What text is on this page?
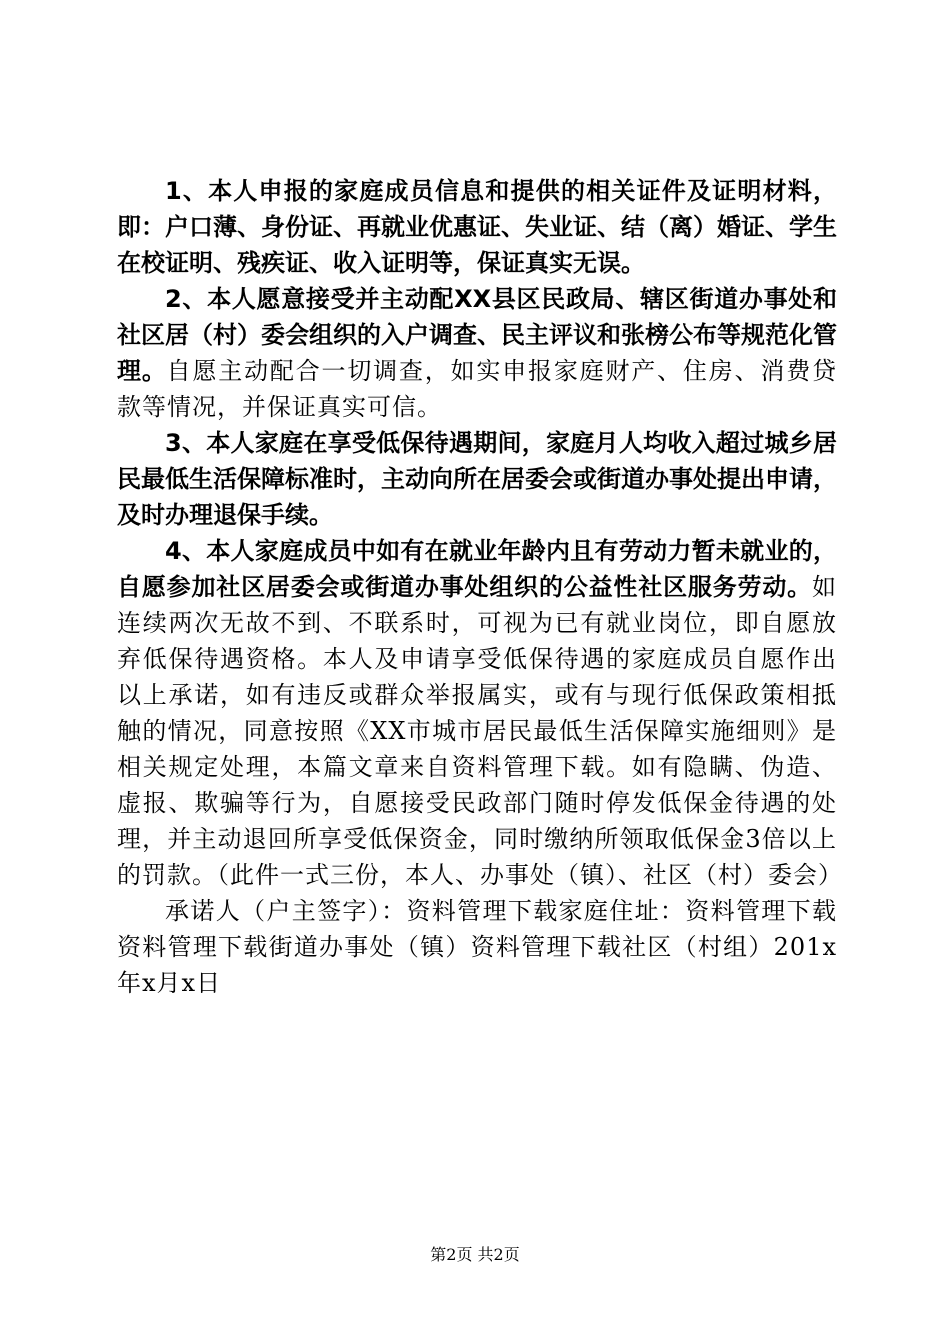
1、本人申报的家庭成员信息和提供的相关证件及证明材料，即：户口薄、身份证、再就业优惠证、失业证、结（离）婚证、学生在校证明、残疾证、收入证明等，保证真实无误。

2、本人愿意接受并主动配XX县区民政局、辖区街道办事处和社区居（村）委会组织的入户调查、民主评议和张榜公布等规范化管理。自愿主动配合一切调查，如实申报家庭财产、住房、消费贷款等情况，并保证真实可信。

3、本人家庭在享受低保待遇期间，家庭月人均收入超过城乡居民最低生活保障标准时，主动向所在居委会或街道办事处提出申请，及时办理退保手续。

4、本人家庭成员中如有在就业年龄内且有劳动力暂未就业的，自愿参加社区居委会或街道办事处组织的公益性社区服务劳动。如连续两次无故不到、不联系时，可视为已有就业岗位，即自愿放弃低保待遇资格。本人及申请享受低保待遇的家庭成员自愿作出以上承诺，如有违反或群众举报属实，或有与现行低保政策相抵触的情况，同意按照《XX市城市居民最低生活保障实施细则》是相关规定处理，本篇文章来自资料管理下载。如有隐瞒、伪造、虚报、欺骗等行为，自愿接受民政部门随时停发低保金待遇的处理，并主动退回所享受低保资金，同时缴纳所领取低保金3倍以上的罚款。（此件一式三份，本人、办事处（镇）、社区（村）委会）

承诺人（户主签字）：资料管理下载家庭住址：资料管理下载资料管理下载街道办事处（镇）资料管理下载社区（村组）201x年x月x日

第2页 共2页
